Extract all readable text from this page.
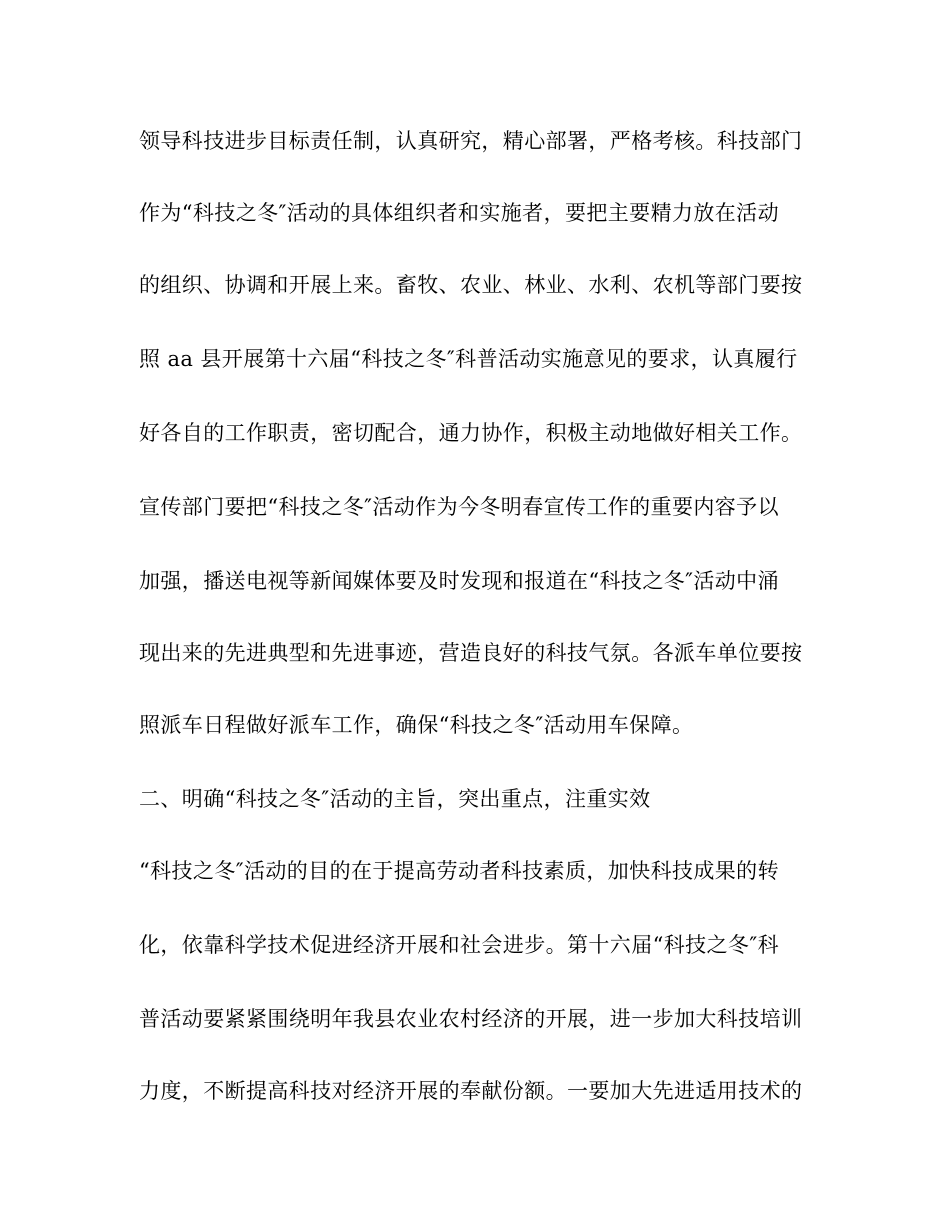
领导科技进步目标责任制，认真研究，精心部署，严格考核。科技部门
作为“科技之冬″活动的具体组织者和实施者，要把主要精力放在活动
的组织、协调和开展上来。畜牧、农业、林业、水利、农机等部门要按
照 aa 县开展第十六届“科技之冬″科普活动实施意见的要求，认真履行
好各自的工作职责，密切配合，通力协作，积极主动地做好相关工作。
宣传部门要把“科技之冬″活动作为今冬明春宣传工作的重要内容予以
加强，播送电视等新闻媒体要及时发现和报道在“科技之冬″活动中涌
现出来的先进典型和先进事迹，营造良好的科技气氛。各派车单位要按
照派车日程做好派车工作，确保“科技之冬″活动用车保障。
二、明确“科技之冬″活动的主旨，突出重点，注重实效
“科技之冬″活动的目的在于提高劳动者科技素质，加快科技成果的转
化，依靠科学技术促进经济开展和社会进步。第十六届“科技之冬″科
普活动要紧紧围绕明年我县农业农村经济的开展，进一步加大科技培训
力度，不断提高科技对经济开展的奉献份额。一要加大先进适用技术的
